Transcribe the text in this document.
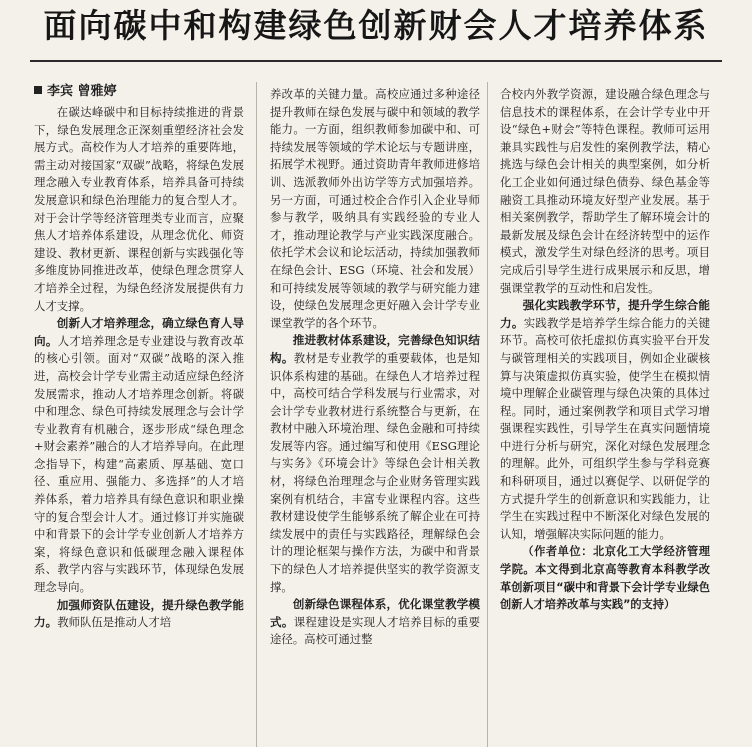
面向碳中和构建绿色创新财会人才培养体系
李宾 曾雅婷

在碳达峰碳中和目标持续推进的背景下，绿色发展理念正深刻重塑经济社会发展方式。高校作为人才培养的重要阵地，需主动对接国家“双碳”战略，将绿色发展理念融入专业教育体系，培养具备可持续发展意识和绿色治理能力的复合型人才。对于会计学等经济管理类专业而言，应聚焦人才培养体系建设，从理念优化、师资建设、教材更新、课程创新与实践强化等多维度协同推进改革，使绿色理念贯穿人才培养全过程，为绿色经济发展提供有力人才支撑。

创新人才培养理念，确立绿色育人导向。人才培养理念是专业建设与教育改革的核心引领。面对“双碳”战略的深入推进，高校会计学专业需主动适应绿色经济发展需求，推动人才培养理念创新。将碳中和理念、绿色可持续发展理念与会计学专业教育有机融合，逐步形成“绿色理念+财会素养”融合的人才培养导向。在此理念指导下，构建“高素质、厚基础、宽口径、重应用、强能力、多选择”的人才培养体系，着力培养具有绿色意识和职业操守的复合型会计人才。通过修订并实施碳中和背景下的会计学专业创新人才培养方案，将绿色意识和低碳理念融入课程体系、教学内容与实践环节，体现绿色发展理念导向。

加强师资队伍建设，提升绿色教学能力。教师队伍是推动人才培

养改革的关键力量。高校应通过多种途径提升教师在绿色发展与碳中和领域的教学能力。一方面，组织教师参加碳中和、可持续发展等领域的学术论坛与专题讲座，拓展学术视野。通过资助青年教师进修培训、选派教师外出访学等方式加强培养。另一方面，可通过校企合作引入企业导师参与教学，吸纳具有实践经验的专业人才，推动理论教学与产业实践深度融合。依托学术会议和论坛活动，持续加强教师在绿色会计、ESG（环境、社会和发展）和可持续发展等领域的教学与研究能力建设，使绿色发展理念更好融入会计学专业课堂教学的各个环节。

推进教材体系建设，完善绿色知识结构。教材是专业教学的重要载体，也是知识体系构建的基础。在绿色人才培养过程中，高校可结合学科发展与行业需求，对会计学专业教材进行系统整合与更新，在教材中融入环境治理、绿色金融和可持续发展等内容。通过编写和使用《ESG理论与实务》《环境会计》等绿色会计相关教材，将绿色治理理念与企业财务管理实践案例有机结合，丰富专业课程内容。这些教材建设使学生能够系统了解企业在可持续发展中的责任与实践路径，理解绿色会计的理论框架与操作方法，为碳中和背景下的绿色人才培养提供坚实的教学资源支撑。

创新绿色课程体系，优化课堂教学模式。课程建设是实现人才培养目标的重要途径。高校可通过整

合校内外教学资源，建设融合绿色理念与信息技术的课程体系，在会计学专业中开设“绿色+财会”等特色课程。教师可运用兼具实践性与启发性的案例教学法，精心挑选与绿色会计相关的典型案例，如分析化工企业如何通过绿色债券、绿色基金等融资工具推动环境友好型产业发展。基于相关案例教学，帮助学生了解环境会计的最新发展及绿色会计在经济转型中的运作模式，激发学生对绿色经济的思考。项目完成后引导学生进行成果展示和反思，增强课堂教学的互动性和启发性。

强化实践教学环节，提升学生综合能力。实践教学是培养学生综合能力的关键环节。高校可依托虚拟仿真实验平台开发与碳管理相关的实践项目，例如企业碳核算与决策虚拟仿真实验，使学生在模拟情境中理解企业碳管理与绿色决策的具体过程。同时，通过案例教学和项目式学习增强课程实践性，引导学生在真实问题情境中进行分析与研究，深化对绿色发展理念的理解。此外，可组织学生参与学科竞赛和科研项目，通过以赛促学、以研促学的方式提升学生的创新意识和实践能力，让学生在实践过程中不断深化对绿色发展的认知，增强解决实际问题的能力。

（作者单位：北京化工大学经济管理学院。本文得到北京高等教育本科教学改革创新项目“碳中和背景下会计学专业绿色创新人才培养改革与实践”的支持）
